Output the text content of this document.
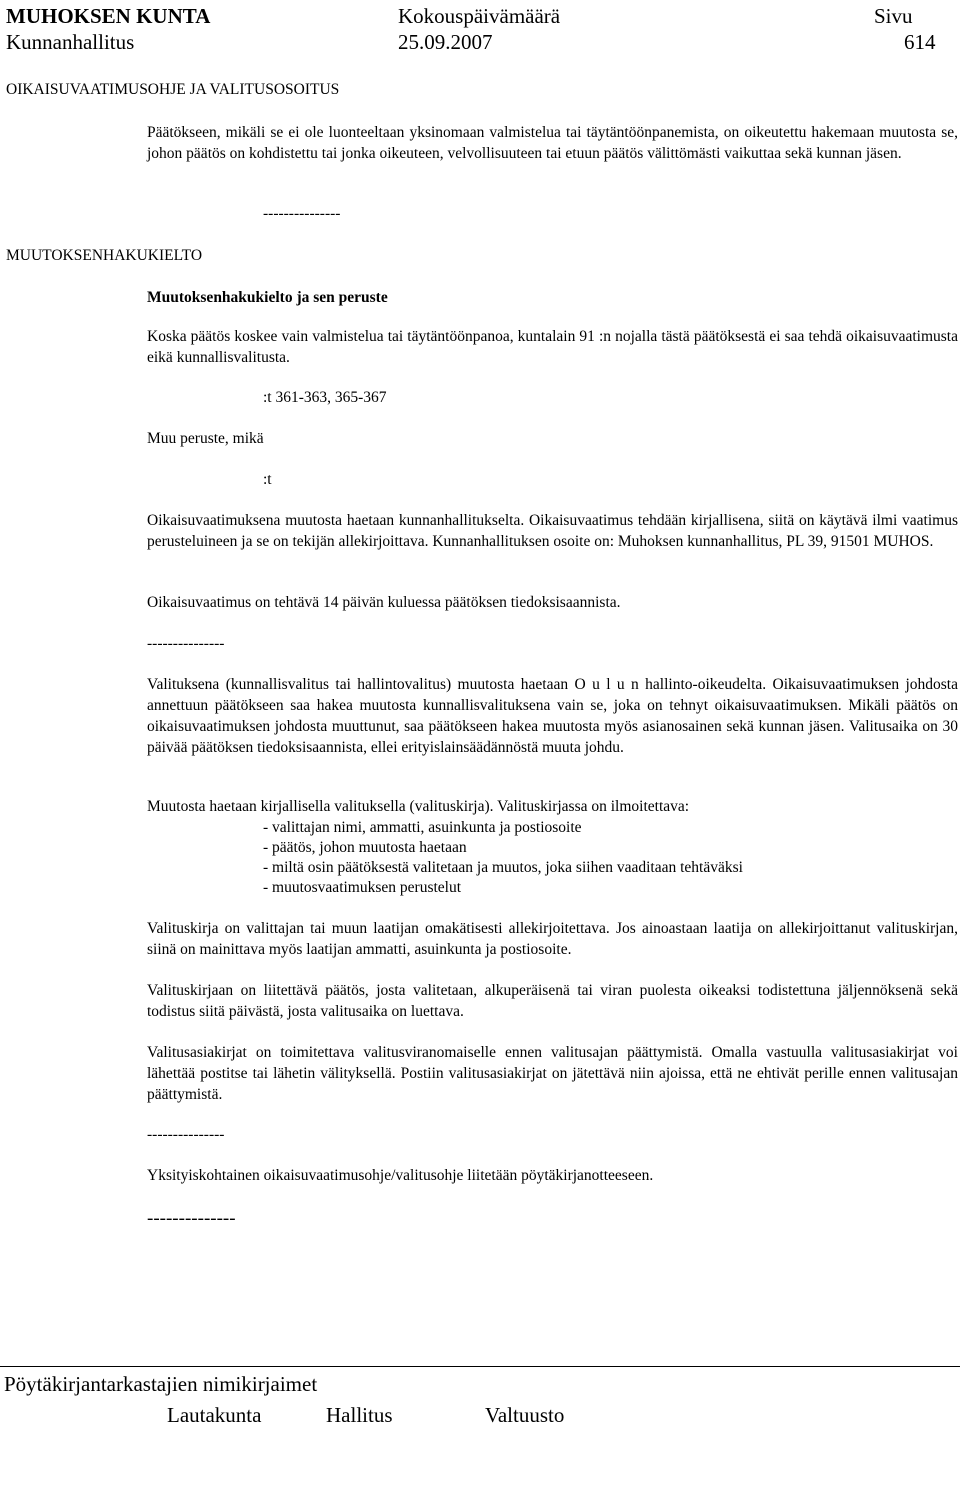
MUHOKSEN KUNTA	Kokouspäivämäärä	Sivu
Kunnanhallitus	25.09.2007	614
OIKAISUVAATIMUSOHJE JA VALITUSOSOITUS
Päätökseen, mikäli se ei ole luonteeltaan yksinomaan valmistelua tai täytäntöönpanemista, on oikeutettu hakemaan muutosta se, johon päätös on kohdistettu tai jonka oikeuteen, velvollisuuteen tai etuun päätös välittömästi vaikuttaa sekä kunnan jäsen.
---------------
MUUTOKSENHAKUKIELTO
Muutoksenhakukielto ja sen peruste
Koska päätös koskee vain valmistelua tai täytäntöönpanoa, kuntalain 91 :n nojalla tästä päätöksestä ei saa tehdä oikaisuvaatimusta eikä kunnallisvalitusta.
:t 361-363, 365-367
Muu peruste, mikä
:t
Oikaisuvaatimuksena muutosta haetaan kunnanhallitukselta. Oikaisuvaatimus tehdään kirjallisena, siitä on käytävä ilmi vaatimus perusteluineen ja se on tekijän allekirjoittava. Kunnanhallituksen osoite on: Muhoksen kunnanhallitus, PL 39, 91501 MUHOS.
Oikaisuvaatimus on tehtävä 14 päivän kuluessa päätöksen tiedoksisaannista.
---------------
Valituksena (kunnallisvalitus tai hallintovalitus) muutosta haetaan O u l u n hallinto-oikeudelta. Oikaisuvaatimuksen johdosta annettuun päätökseen saa hakea muutosta kunnallisvalituksena vain se, joka on tehnyt oikaisuvaatimuksen. Mikäli päätös on oikaisuvaatimuksen johdosta muuttunut, saa päätökseen hakea muutosta myös asianosainen sekä kunnan jäsen. Valitusaika on 30 päivää päätöksen tiedoksisaannista, ellei erityislainsäädännöstä muuta johdu.
Muutosta haetaan kirjallisella valituksella (valituskirja). Valituskirjassa on ilmoitettava:
- valittajan nimi, ammatti, asuinkunta ja postiosoite
- päätös, johon muutosta haetaan
- miltä osin päätöksestä valitetaan ja muutos, joka siihen vaaditaan tehtäväksi
- muutosvaatimuksen perustelut
Valituskirja on valittajan tai muun laatijan omakätisesti allekirjoitettava. Jos ainoastaan laatija on allekirjoittanut valituskirjan, siinä on mainittava myös laatijan ammatti, asuinkunta ja postiosoite.
Valituskirjaan on liitettävä päätös, josta valitetaan, alkuperäisenä tai viran puolesta oikeaksi todistettuna jäljennöksenä sekä todistus siitä päivästä, josta valitusaika on luettava.
Valitusasiakirjat on toimitettava valitusviranomaiselle ennen valitusajan päättymistä. Omalla vastuulla valitusasiakirjat voi lähettää postitse tai lähetin välityksellä. Postiin valitusasiakirjat on jätettävä niin ajoissa, että ne ehtivät perille ennen valitusajan päättymistä.
---------------
Yksityiskohtainen oikaisuvaatimusohje/valitusohje liitetään pöytäkirjanotteeseen.
--------------
Pöytäkirjantarkastajien nimikirjaimet
Lautakunta	Hallitus	Valtuusto
